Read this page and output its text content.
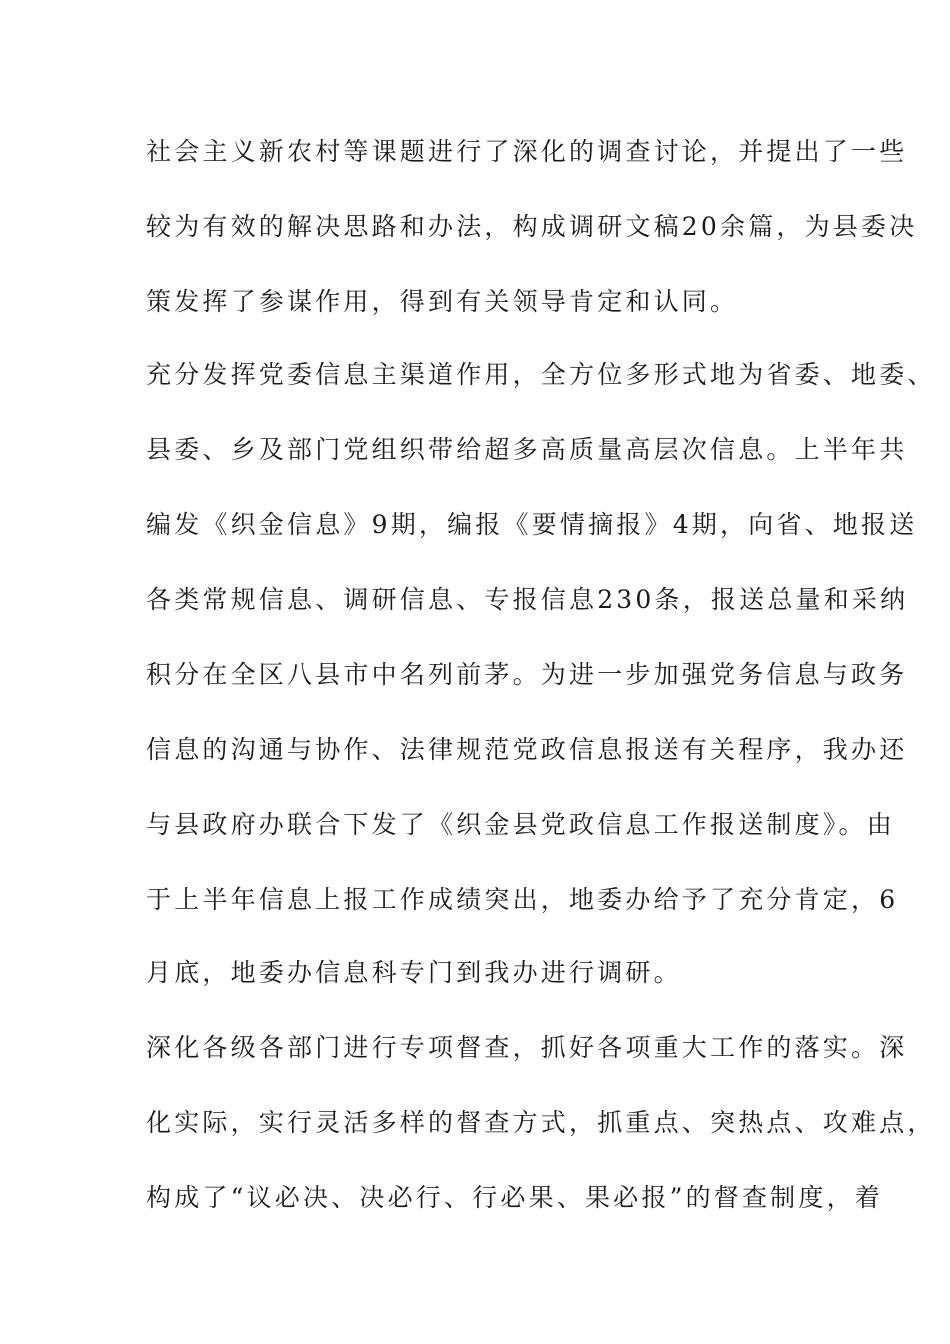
社会主义新农村等课题进行了深化的调查讨论，并提出了一些
较为有效的解决思路和办法，构成调研文稿20余篇，为县委决
策发挥了参谋作用，得到有关领导肯定和认同。
充分发挥党委信息主渠道作用，全方位多形式地为省委、地委、
县委、乡及部门党组织带给超多高质量高层次信息。上半年共
编发《织金信息》9期，编报《要情摘报》4期，向省、地报送
各类常规信息、调研信息、专报信息230条，报送总量和采纳
积分在全区八县市中名列前茅。为进一步加强党务信息与政务
信息的沟通与协作、法律规范党政信息报送有关程序，我办还
与县政府办联合下发了《织金县党政信息工作报送制度》。由
于上半年信息上报工作成绩突出，地委办给予了充分肯定，6
月底，地委办信息科专门到我办进行调研。
深化各级各部门进行专项督查，抓好各项重大工作的落实。深
化实际，实行灵活多样的督查方式，抓重点、突热点、攻难点，
构成了“议必决、决必行、行必果、果必报”的督查制度，着
